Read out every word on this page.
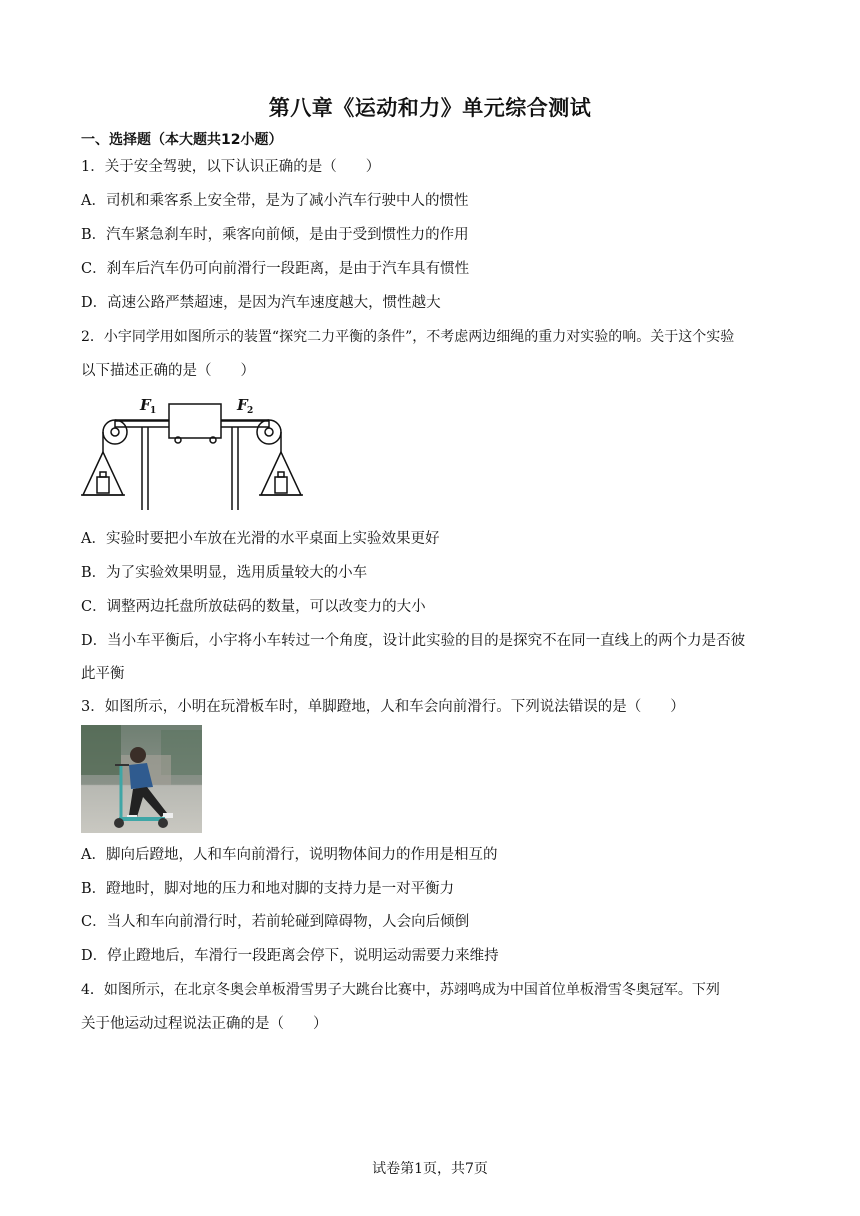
第八章《运动和力》单元综合测试
一、选择题（本大题共12小题）
1．关于安全驾驶，以下认识正确的是（　　）
A．司机和乘客系上安全带，是为了减小汽车行驶中人的惯性
B．汽车紧急刹车时，乘客向前倾，是由于受到惯性力的作用
C．刹车后汽车仍可向前滑行一段距离，是由于汽车具有惯性
D．高速公路严禁超速，是因为汽车速度越大，惯性越大
2．小宇同学用如图所示的装置“探究二力平衡的条件”，不考虑两边细绳的重力对实验的响。关于这个实验
以下描述正确的是（　　）
F 1	F 2
A．实验时要把小车放在光滑的水平桌面上实验效果更好
B．为了实验效果明显，选用质量较大的小车
C．调整两边托盘所放砝码的数量，可以改变力的大小
D．当小车平衡后，小宇将小车转过一个角度，设计此实验的目的是探究不在同一直线上的两个力是否彼
此平衡
3．如图所示，小明在玩滑板车时，单脚蹬地，人和车会向前滑行。下列说法错误的是（　　）
A．脚向后蹬地，人和车向前滑行，说明物体间力的作用是相互的
B．蹬地时，脚对地的压力和地对脚的支持力是一对平衡力
C．当人和车向前滑行时，若前轮碰到障碍物，人会向后倾倒
D．停止蹬地后，车滑行一段距离会停下，说明运动需要力来维持
4．如图所示，在北京冬奥会单板滑雪男子大跳台比赛中，苏翊鸣成为中国首位单板滑雪冬奥冠军。下列
关于他运动过程说法正确的是（　　）
试卷第1页，共7页
